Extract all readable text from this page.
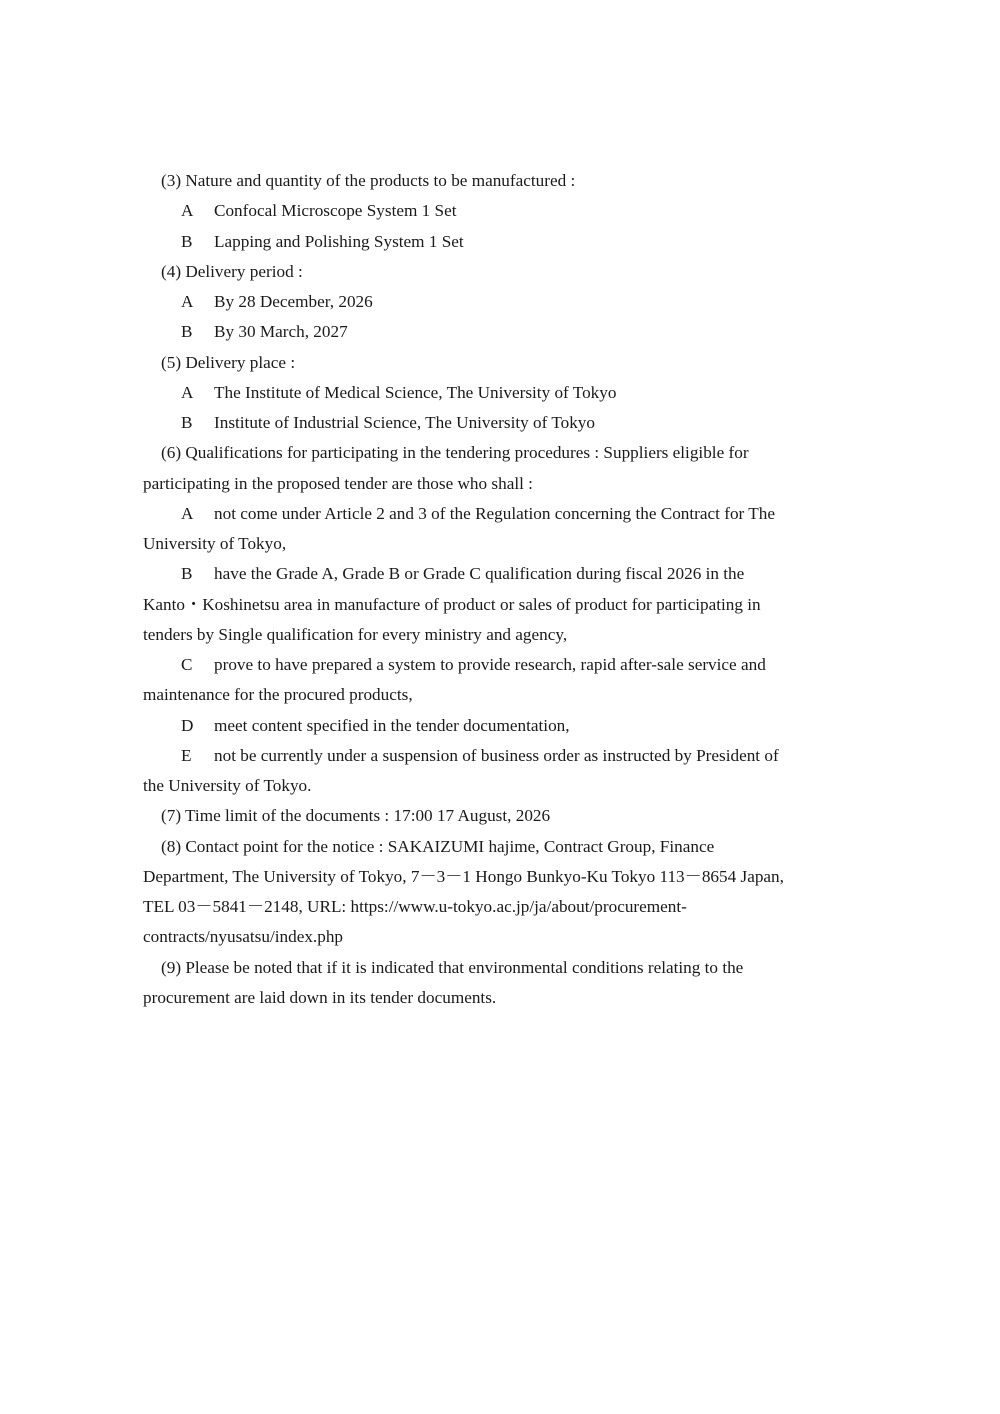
(3) Nature and quantity of the products to be manufactured :
A Confocal Microscope System 1 Set
B Lapping and Polishing System 1 Set
(4) Delivery period :
A By 28 December, 2026
B By 30 March, 2027
(5) Delivery place :
A The Institute of Medical Science, The University of Tokyo
B Institute of Industrial Science, The University of Tokyo
(6) Qualifications for participating in the tendering procedures : Suppliers eligible for
participating in the proposed tender are those who shall :
A not come under Article 2 and 3 of the Regulation concerning the Contract for The
University of Tokyo,
B have the Grade A, Grade B or Grade C qualification during fiscal 2026 in the
Kanto・Koshinetsu area in manufacture of product or sales of product for participating in
tenders by Single qualification for every ministry and agency,
C prove to have prepared a system to provide research, rapid after-sale service and
maintenance for the procured products,
D meet content specified in the tender documentation,
E not be currently under a suspension of business order as instructed by President of
the University of Tokyo.
(7) Time limit of the documents : 17:00 17 August, 2026
(8) Contact point for the notice : SAKAIZUMI hajime, Contract Group, Finance
Department, The University of Tokyo, 7－3－1 Hongo Bunkyo-Ku Tokyo 113－8654 Japan,
TEL 03－5841－2148, URL: https://www.u-tokyo.ac.jp/ja/about/procurement-
contracts/nyusatsu/index.php
(9) Please be noted that if it is indicated that environmental conditions relating to the
procurement are laid down in its tender documents.
